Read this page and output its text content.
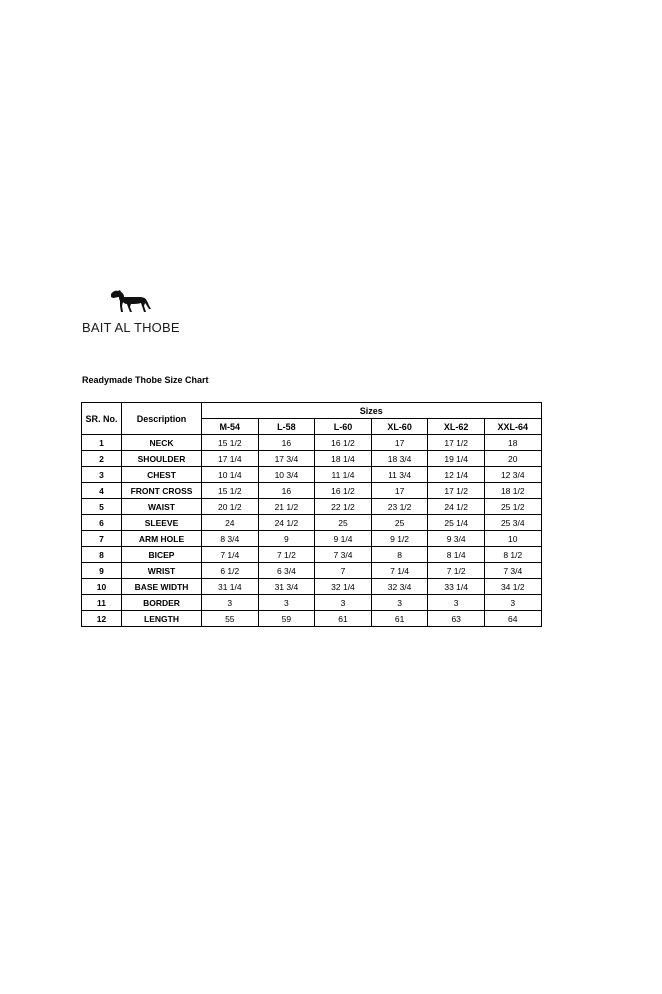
BAIT AL THOBE
Readymade Thobe Size Chart
SR. No.	Description	Sizes					
		M-54	L-58	L-60	XL-60	XL-62	XXL-64
1	NECK	15 1/2	16	16 1/2	17	17 1/2	18
2	SHOULDER	17 1/4	17 3/4	18 1/4	18 3/4	19 1/4	20
3	CHEST	10 1/4	10 3/4	11 1/4	11 3/4	12 1/4	12 3/4
4	FRONT CROSS	15 1/2	16	16 1/2	17	17 1/2	18 1/2
5	WAIST	20 1/2	21 1/2	22 1/2	23 1/2	24 1/2	25 1/2
6	SLEEVE	24	24 1/2	25	25	25 1/4	25 3/4
7	ARM HOLE	8 3/4	9	9 1/4	9 1/2	9 3/4	10
8	BICEP	7 1/4	7 1/2	7 3/4	8	8 1/4	8 1/2
9	WRIST	6 1/2	6 3/4	7	7 1/4	7 1/2	7 3/4
10	BASE WIDTH	31 1/4	31 3/4	32 1/4	32 3/4	33 1/4	34 1/2
11	BORDER	3	3	3	3	3	3
12	LENGTH	55	59	61	61	63	64
